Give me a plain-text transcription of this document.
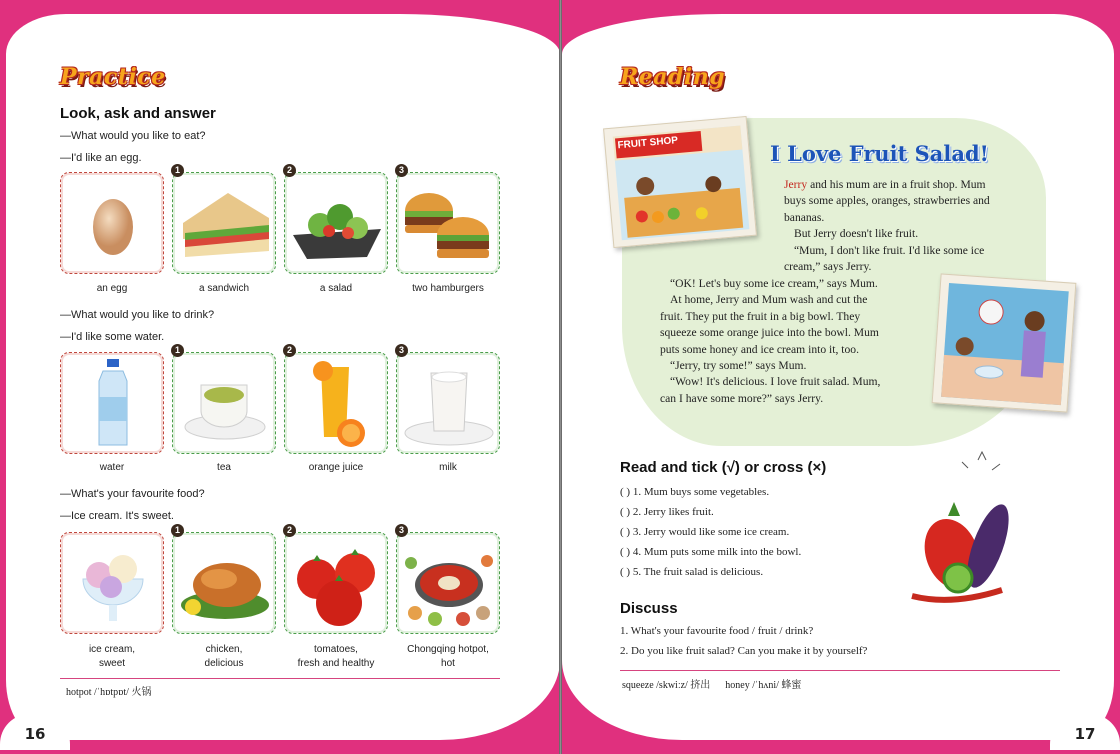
Practice
Look, ask and answer
—What would you like to eat?
—I'd like an egg.
1	2	3
an egg	a sandwich	a salad	two hamburgers
—What would you like to drink?
—I'd like some water.
1	2	3
water	tea	orange juice	milk
—What's your favourite food?
—Ice cream. It's sweet.
1	2	3
ice cream,
sweet
chicken,
delicious
tomatoes,
fresh and healthy
Chongqing hotpot,
hot
hotpot /ˈhɒtpɒt/ 火锅
Reading
FRUIT SHOP	I Love Fruit Salad!

Jerry and his mum are in a fruit shop. Mum

buys some apples, oranges, strawberries and

bananas.

But Jerry doesn't like fruit.

“Mum, I don't like fruit. I'd like some ice

cream,” says Jerry.

“OK! Let's buy some ice cream,” says Mum.

At home, Jerry and Mum wash and cut the

fruit. They put the fruit in a big bowl. They

squeeze some orange juice into the bowl. Mum

puts some honey and ice cream into it, too.

“Jerry, try some!” says Mum.

“Wow! It's delicious. I love fruit salad. Mum,

can I have some more?” says Jerry.

Read and tick (√) or cross (×)
( ) 1. Mum buys some vegetables.
( ) 2. Jerry likes fruit.
( ) 3. Jerry would like some ice cream.
( ) 4. Mum puts some milk into the bowl.
( ) 5. The fruit salad is delicious.
Discuss
1. What's your favourite food / fruit / drink?
2. Do you like fruit salad? Can you make it by yourself?
squeeze /skwiːz/ 挤出      honey /ˈhʌni/ 蜂蜜
16	17
